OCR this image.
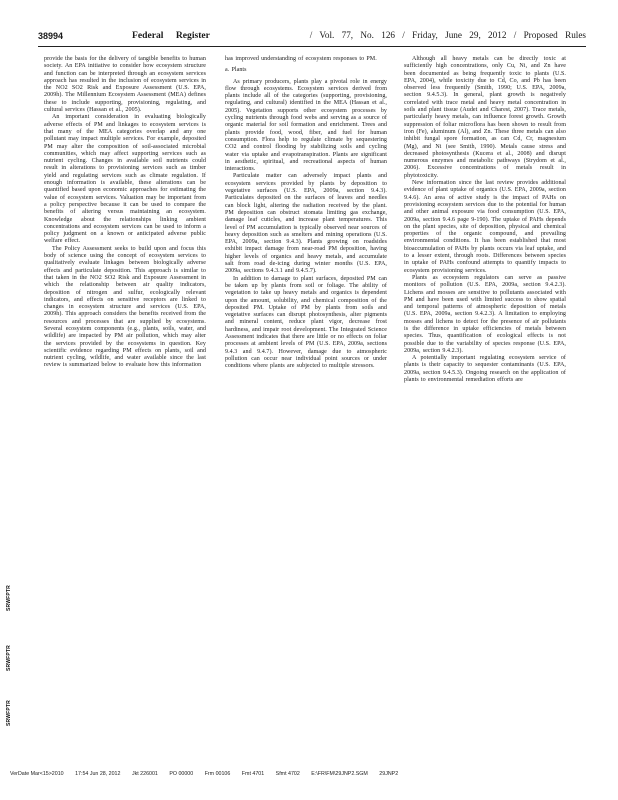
38994	Federal Register	/ Vol. 77, No. 126 / Friday, June 29, 2012 / Proposed Rules

provide the basis for the delivery of tangible benefits to human society. An EPA initiative to consider how ecosystem structure and function can be interpreted through an ecosystem services approach has resulted in the inclusion of ecosystem services in the NO2 SO2 Risk and Exposure Assessment (U.S. EPA, 2009h). The Millennium Ecosystem Assessment (MEA) defines these to include supporting, provisioning, regulating, and cultural services (Hassan et al., 2005).

An important consideration in evaluating biologically adverse effects of PM and linkages to ecosystem services is that many of the MEA categories overlap and any one pollutant may impact multiple services. For example, deposited PM may alter the composition of soil-associated microbial communities, which may affect supporting services such as nutrient cycling. Changes in available soil nutrients could result in alterations to provisioning services such as timber yield and regulating services such as climate regulation. If enough information is available, these alterations can be quantified based upon economic approaches for estimating the value of ecosystem services. Valuation may be important from a policy perspective because it can be used to compare the benefits of altering versus maintaining an ecosystem. Knowledge about the relationships linking ambient concentrations and ecosystem services can be used to inform a policy judgment on a known or anticipated adverse public welfare effect.

The Policy Assessment seeks to build upon and focus this body of science using the concept of ecosystem services to qualitatively evaluate linkages between biologically adverse effects and particulate deposition. This approach is similar to that taken in the NO2 SO2 Risk and Exposure Assessment in which the relationship between air quality indicators, deposition of nitrogen and sulfur, ecologically relevant indicators, and effects on sensitive receptors are linked to changes in ecosystem structure and services (U.S. EPA, 2009h). This approach considers the benefits received from the resources and processes that are supplied by ecosystems. Several ecosystem components (e.g., plants, soils, water, and wildlife) are impacted by PM air pollution, which may alter the services provided by the ecosystems in question. Key scientific evidence regarding PM effects on plants, soil and nutrient cycling, wildlife, and water available since the last review is summarized below to evaluate how this information

has improved understanding of ecosystem responses to PM.

a. Plants

As primary producers, plants play a pivotal role in energy flow through ecosystems. Ecosystem services derived from plants include all of the categories (supporting, provisioning, regulating, and cultural) identified in the MEA (Hassan et al., 2005). Vegetation supports other ecosystem processes by cycling nutrients through food webs and serving as a source of organic material for soil formation and enrichment. Trees and plants provide food, wood, fiber, and fuel for human consumption. Flora help to regulate climate by sequestering CO2 and control flooding by stabilizing soils and cycling water via uptake and evapotranspiration. Plants are significant in aesthetic, spiritual, and recreational aspects of human interactions.

Particulate matter can adversely impact plants and ecosystem services provided by plants by deposition to vegetative surfaces (U.S. EPA, 2009a, section 9.4.3). Particulates deposited on the surfaces of leaves and needles can block light, altering the radiation received by the plant. PM deposition can obstruct stomata limiting gas exchange, damage leaf cuticles, and increase plant temperatures. This level of PM accumulation is typically observed near sources of heavy deposition such as smelters and mining operations (U.S. EPA, 2009a, section 9.4.3). Plants growing on roadsides exhibit impact damage from near-road PM deposition, having higher levels of organics and heavy metals, and accumulate salt from road de-icing during winter months (U.S. EPA, 2009a, sections 9.4.3.1 and 9.4.5.7).

In addition to damage to plant surfaces, deposited PM can be taken up by plants from soil or foliage. The ability of vegetation to take up heavy metals and organics is dependent upon the amount, solubility, and chemical composition of the deposited PM. Uptake of PM by plants from soils and vegetative surfaces can disrupt photosynthesis, alter pigments and mineral content, reduce plant vigor, decrease frost hardiness, and impair root development. The Integrated Science Assessment indicates that there are little or no effects on foliar processes at ambient levels of PM (U.S. EPA, 2009a, sections 9.4.3 and 9.4.7). However, damage due to atmospheric pollution can occur near individual point sources or under conditions where plants are subjected to multiple stressors.

Although all heavy metals can be directly toxic at sufficiently high concentrations, only Cu, Ni, and Zn have been documented as being frequently toxic to plants (U.S. EPA, 2004), while toxicity due to Cd, Co, and Pb has been observed less frequently (Smith, 1990; U.S. EPA, 2009a, section 9.4.5.3). In general, plant growth is negatively correlated with trace metal and heavy metal concentration in soils and plant tissue (Audet and Charest, 2007). Trace metals, particularly heavy metals, can influence forest growth. Growth suppression of foliar microflora has been shown to result from iron (Fe), aluminum (Al), and Zn. These three metals can also inhibit fungal spore formation, as can Cd, Cr, magnesium (Mg), and Ni (see Smith, 1990). Metals cause stress and decreased photosynthesis (Kucera et al., 2008) and disrupt numerous enzymes and metabolic pathways (Strydom et al., 2006). Excessive concentrations of metals result in phytotoxicity.

New information since the last review provides additional evidence of plant uptake of organics (U.S. EPA, 2009a, section 9.4.6). An area of active study is the impact of PAHs on provisioning ecosystem services due to the potential for human and other animal exposure via food consumption (U.S. EPA, 2009a, section 9.4.6 page 9-190). The uptake of PAHs depends on the plant species, site of deposition, physical and chemical properties of the organic compound, and prevailing environmental conditions. It has been established that most bioaccumulation of PAHs by plants occurs via leaf uptake, and to a lesser extent, through roots. Differences between species in uptake of PAHs confound attempts to quantify impacts to ecosystem provisioning services.

Plants as ecosystem regulators can serve as passive monitors of pollution (U.S. EPA, 2009a, section 9.4.2.3). Lichens and mosses are sensitive to pollutants associated with PM and have been used with limited success to show spatial and temporal patterns of atmospheric deposition of metals (U.S. EPA, 2009a, section 9.4.2.3). A limitation to employing mosses and lichens to detect for the presence of air pollutants is the difference in uptake efficiencies of metals between species. Thus, quantification of ecological effects is not possible due to the variability of species response (U.S. EPA, 2009a, section 9.4.2.3).

A potentially important regulating ecosystem service of plants is their capacity to sequester contaminants (U.S. EPA, 2009a, section 9.4.5.3). Ongoing research on the application of plants to environmental remediation efforts are

SRWFPTR
SRWFPTR
SRWFPTR
VerDate Mar<15>2010 17:54 Jun 28, 2012 Jkt 226001 PO 00000 Frm 00106 Fmt 4701 Sfmt 4702 E:\FR\FM\29JNP2.SGM 29JNP2
